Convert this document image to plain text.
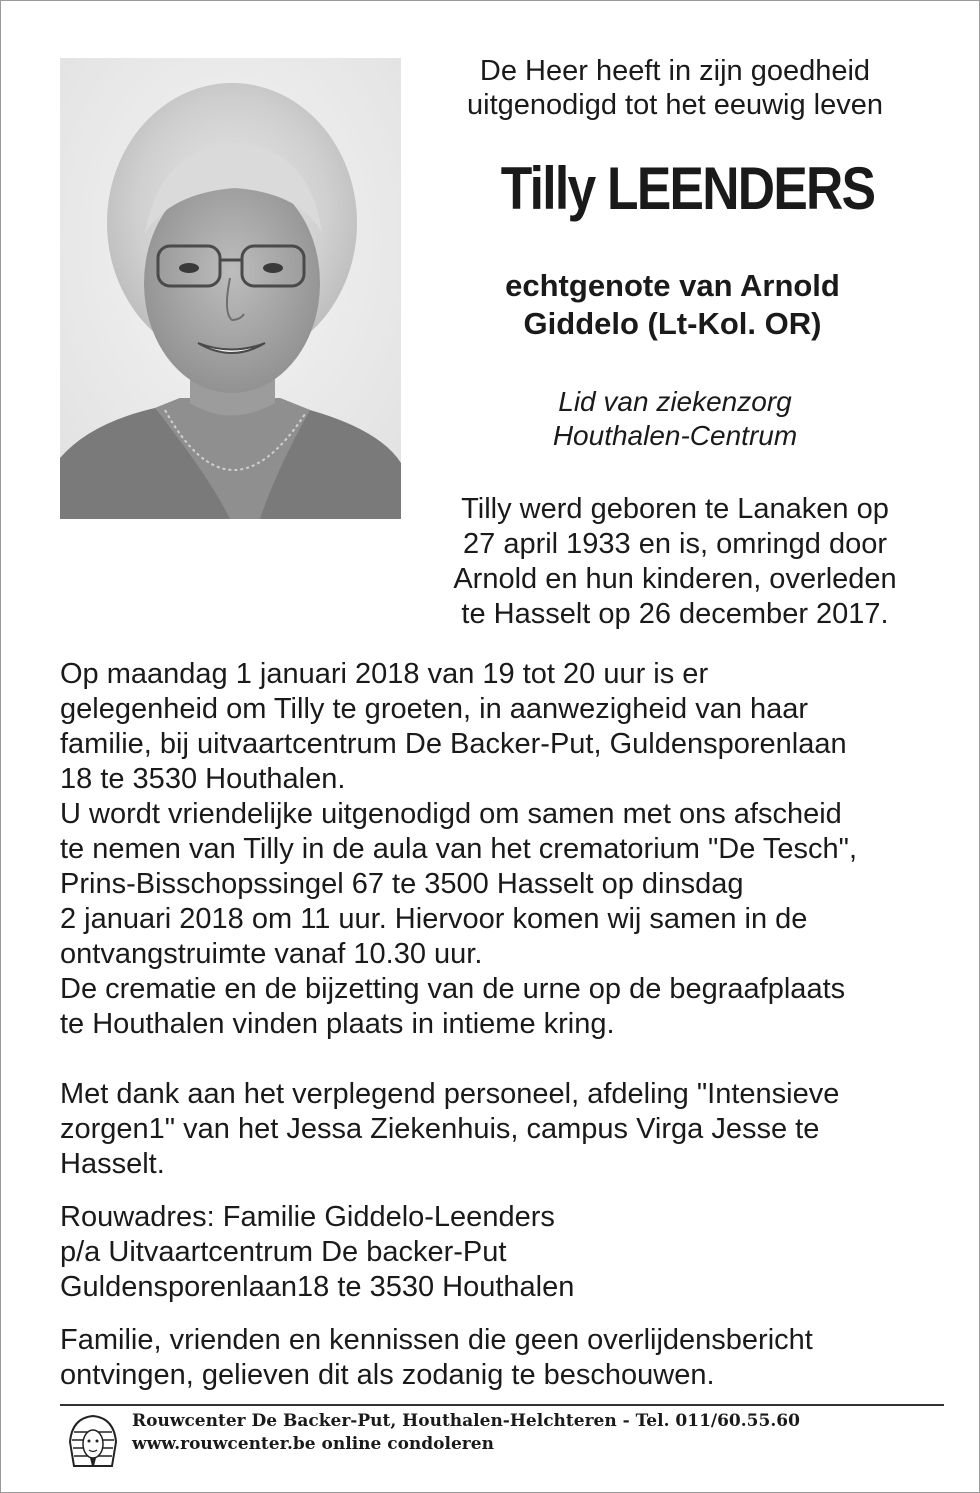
De Heer heeft in zijn goedheid
uitgenodigd tot het eeuwig leven
Tilly LEENDERS
echtgenote van Arnold
Giddelo (Lt-Kol. OR)
Lid van ziekenzorg
Houthalen-Centrum
Tilly werd geboren te Lanaken op
27 april 1933 en is, omringd door
Arnold en hun kinderen, overleden
te Hasselt op 26 december 2017.
Op maandag 1 januari 2018 van 19 tot 20 uur is er
gelegenheid om Tilly te groeten, in aanwezigheid van haar
familie, bij uitvaartcentrum De Backer-Put, Guldensporenlaan
18 te 3530 Houthalen.
U wordt vriendelijke uitgenodigd om samen met ons afscheid
te nemen van Tilly in de aula van het crematorium "De Tesch",
Prins-Bisschopssingel 67 te 3500 Hasselt op dinsdag
2 januari 2018 om 11 uur. Hiervoor komen wij samen in de
ontvangstruimte vanaf 10.30 uur.
De crematie en de bijzetting van de urne op de begraafplaats
te Houthalen vinden plaats in intieme kring.
Met dank aan het verplegend personeel, afdeling "Intensieve
zorgen1" van het Jessa Ziekenhuis, campus Virga Jesse te
Hasselt.
Rouwadres: Familie Giddelo-Leenders
p/a Uitvaartcentrum De backer-Put
Guldensporenlaan18 te 3530 Houthalen
Familie, vrienden en kennissen die geen overlijdensbericht
ontvingen, gelieven dit als zodanig te beschouwen.
Rouwcenter De Backer-Put, Houthalen-Helchteren - Tel. 011/60.55.60
www.rouwcenter.be online condoleren
